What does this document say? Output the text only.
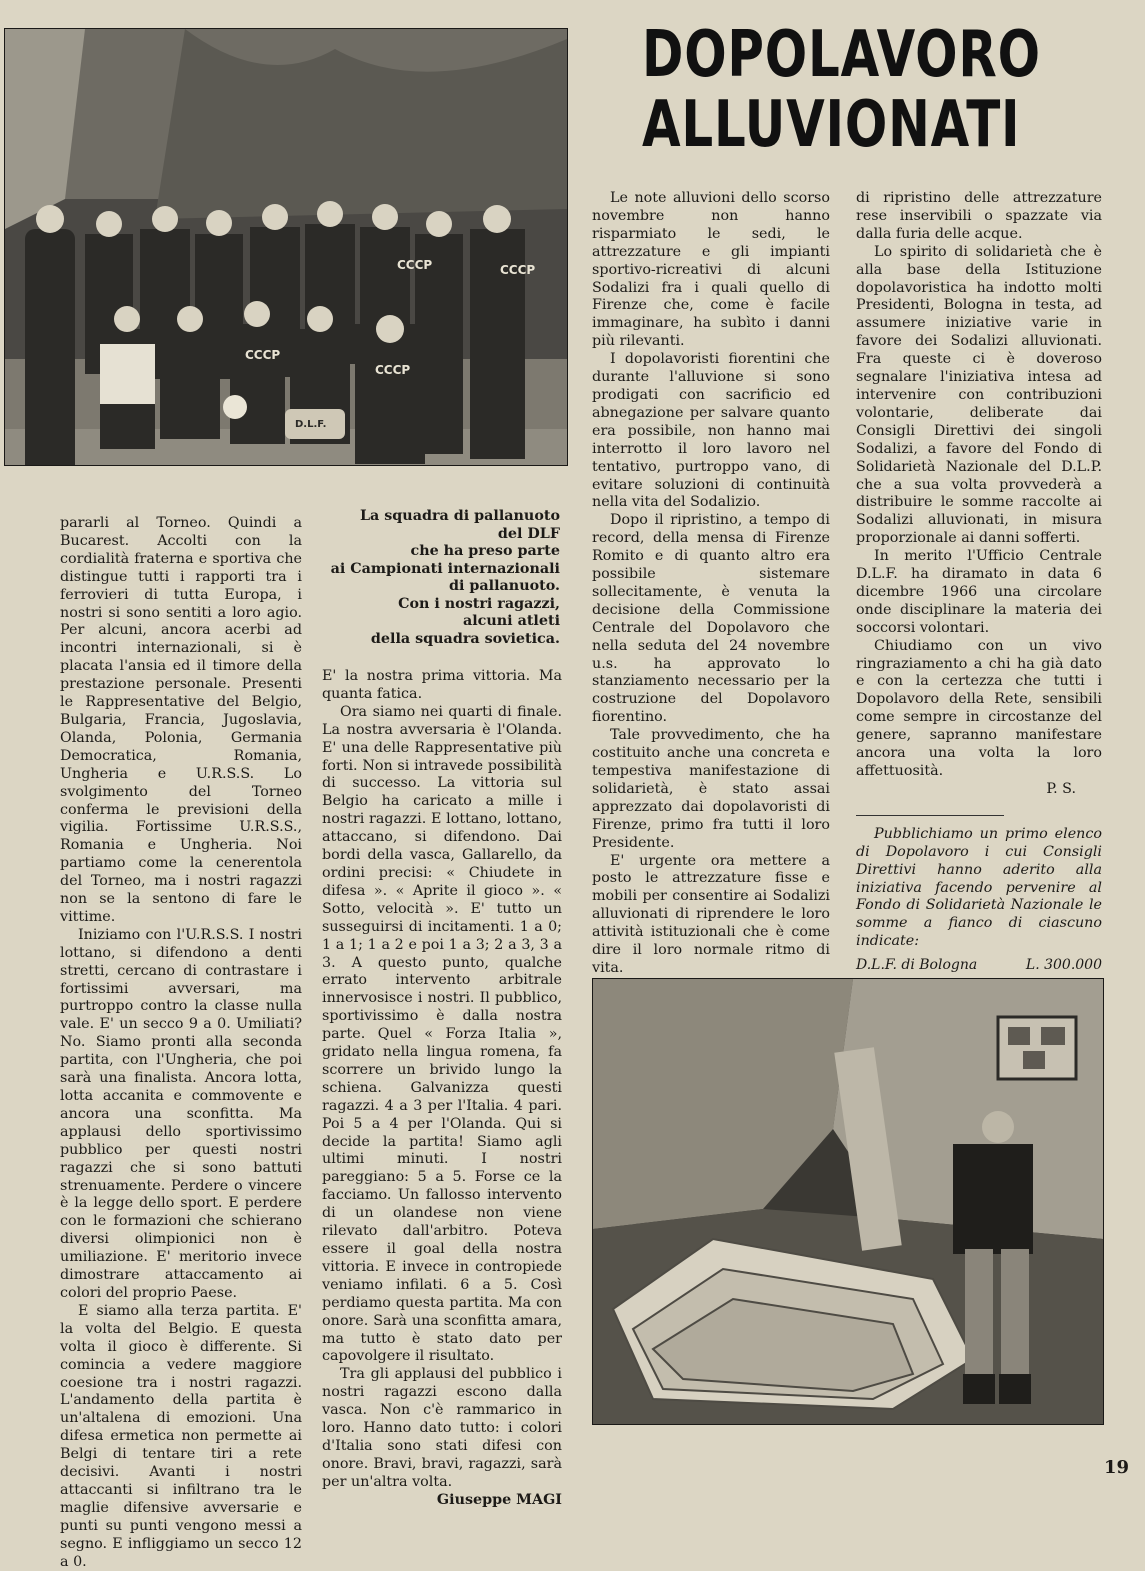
CCCP	CCCP
CCCP
CCCP
D.L.F.
DOPOLAVORO
ALLUVIONATI
La squadra di pallanuoto
del DLF
che ha preso parte
ai Campionati internazionali
di pallanuoto.
Con i nostri ragazzi,
alcuni atleti
della squadra sovietica.

pararli al Torneo. Quindi a Bucarest. Accolti con la cordialità fraterna e sportiva che distingue tutti i rapporti tra i ferrovieri di tutta Europa, i nostri si sono sentiti a loro agio. Per alcuni, ancora acerbi ad incontri internazionali, si è placata l'ansia ed il timore della prestazione personale. Presenti le Rappresentative del Belgio, Bulgaria, Francia, Jugoslavia, Olanda, Polonia, Germania Democratica, Romania, Ungheria e U.R.S.S. Lo svolgimento del Torneo conferma le previsioni della vigilia. Fortissime U.R.S.S., Romania e Ungheria. Noi partiamo come la cenerentola del Torneo, ma i nostri ragazzi non se la sentono di fare le vittime.

Iniziamo con l'U.R.S.S. I nostri lottano, si difendono a denti stretti, cercano di contrastare i fortissimi avversari, ma purtroppo contro la classe nulla vale. E' un secco 9 a 0. Umiliati? No. Siamo pronti alla seconda partita, con l'Ungheria, che poi sarà una finalista. Ancora lotta, lotta accanita e commovente e ancora una sconfitta. Ma applausi dello sportivissimo pubblico per questi nostri ragazzi che si sono battuti strenuamente. Perdere o vincere è la legge dello sport. E perdere con le formazioni che schierano diversi olimpionici non è umiliazione. E' meritorio invece dimostrare attaccamento ai colori del proprio Paese.

E siamo alla terza partita. E' la volta del Belgio. E questa volta il gioco è differente. Si comincia a vedere maggiore coesione tra i nostri ragazzi. L'andamento della partita è un'altalena di emozioni. Una difesa ermetica non permette ai Belgi di tentare tiri a rete decisivi. Avanti i nostri attaccanti si infiltrano tra le maglie difensive avversarie e punti su punti vengono messi a segno. E infliggiamo un secco 12 a 0.

E' la nostra prima vittoria. Ma quanta fatica.

Ora siamo nei quarti di finale. La nostra avversaria è l'Olanda. E' una delle Rappresentative più forti. Non si intravede possibilità di successo. La vittoria sul Belgio ha caricato a mille i nostri ragazzi. E lottano, lottano, attaccano, si difendono. Dai bordi della vasca, Gallarello, da ordini precisi: « Chiudete in difesa ». « Aprite il gioco ». « Sotto, velocità ». E' tutto un susseguirsi di incitamenti. 1 a 0; 1 a 1; 1 a 2 e poi 1 a 3; 2 a 3, 3 a 3. A questo punto, qualche errato intervento arbitrale innervosisce i nostri. Il pubblico, sportivissimo è dalla nostra parte. Quel « Forza Italia », gridato nella lingua romena, fa scorrere un brivido lungo la schiena. Galvanizza questi ragazzi. 4 a 3 per l'Italia. 4 pari. Poi 5 a 4 per l'Olanda. Qui si decide la partita! Siamo agli ultimi minuti. I nostri pareggiano: 5 a 5. Forse ce la facciamo. Un fallosso intervento di un olandese non viene rilevato dall'arbitro. Poteva essere il goal della nostra vittoria. E invece in contropiede veniamo infilati. 6 a 5. Così perdiamo questa partita. Ma con onore. Sarà una sconfitta amara, ma tutto è stato dato per capovolgere il risultato.

Tra gli applausi del pubblico i nostri ragazzi escono dalla vasca. Non c'è rammarico in loro. Hanno dato tutto: i colori d'Italia sono stati difesi con onore. Bravi, bravi, ragazzi, sarà per un'altra volta.

Giuseppe MAGI

Le note alluvioni dello scorso novembre non hanno risparmiato le sedi, le attrezzature e gli impianti sportivo-ricreativi di alcuni Sodalizi fra i quali quello di Firenze che, come è facile immaginare, ha subìto i danni più rilevanti.

I dopolavoristi fiorentini che durante l'alluvione si sono prodigati con sacrificio ed abnegazione per salvare quanto era possibile, non hanno mai interrotto il loro lavoro nel tentativo, purtroppo vano, di evitare soluzioni di continuità nella vita del Sodalizio.

Dopo il ripristino, a tempo di record, della mensa di Firenze Romito e di quanto altro era possibile sistemare sollecitamente, è venuta la decisione della Commissione Centrale del Dopolavoro che nella seduta del 24 novembre u.s. ha approvato lo stanziamento necessario per la costruzione del Dopolavoro fiorentino.

Tale provvedimento, che ha costituito anche una concreta e tempestiva manifestazione di solidarietà, è stato assai apprezzato dai dopolavoristi di Firenze, primo fra tutti il loro Presidente.

E' urgente ora mettere a posto le attrezzature fisse e mobili per consentire ai Sodalizi alluvionati di riprendere le loro attività istituzionali che è come dire il loro normale ritmo di vita.

di ripristino delle attrezzature rese inservibili o spazzate via dalla furia delle acque.

Lo spirito di solidarietà che è alla base della Istituzione dopolavoristica ha indotto molti Presidenti, Bologna in testa, ad assumere iniziative varie in favore dei Sodalizi alluvionati. Fra queste ci è doveroso segnalare l'iniziativa intesa ad intervenire con contribuzioni volontarie, deliberate dai Consigli Direttivi dei singoli Sodalizi, a favore del Fondo di Solidarietà Nazionale del D.L.P. che a sua volta provvederà a distribuire le somme raccolte ai Sodalizi alluvionati, in misura proporzionale ai danni sofferti.

In merito l'Ufficio Centrale D.L.F. ha diramato in data 6 dicembre 1966 una circolare onde disciplinare la materia dei soccorsi volontari.

Chiudiamo con un vivo ringraziamento a chi ha già dato e con la certezza che tutti i Dopolavoro della Rete, sensibili come sempre in circostanze del genere, sapranno manifestare ancora una volta la loro affettuosità.

P. S.

Pubblichiamo un primo elenco di Dopolavoro i cui Consigli Direttivi hanno aderito alla iniziativa facendo pervenire al Fondo di Solidarietà Nazionale le somme a fianco di ciascuno indicate:

D.L.F. di Bologna	L. 300.000

19
